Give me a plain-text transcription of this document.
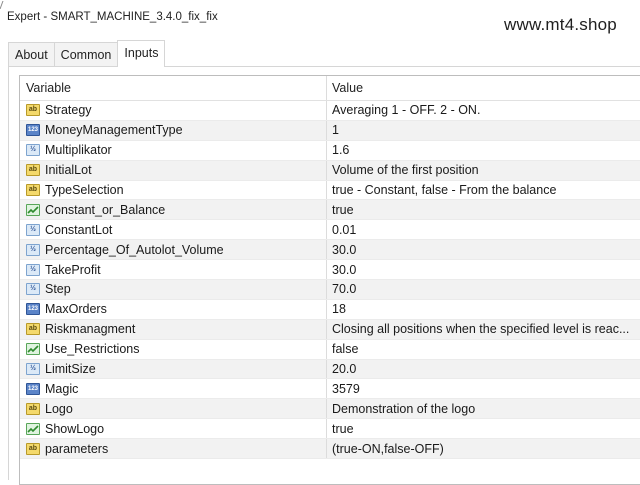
Expert - SMART_MACHINE_3.4.0_fix_fix	www.mt4.shop
About	Common	Inputs
Variable	Value
ab Strategy	Averaging 1 - OFF. 2 - ON.
123 MoneyManagementType	1
½ Multiplikator	1.6
ab InitialLot	Volume of the first position
ab TypeSelection	true - Constant, false - From the balance
Constant_or_Balance	true
½ ConstantLot	0.01
½ Percentage_Of_Autolot_Volume	30.0
½ TakeProfit	30.0
½ Step	70.0
123 MaxOrders	18
ab Riskmanagment	Closing all positions when the specified level is reac...
Use_Restrictions	false
½ LimitSize	20.0
123 Magic	3579
ab Logo	Demonstration of the logo
ShowLogo	true
ab parameters	(true-ON,false-OFF)
